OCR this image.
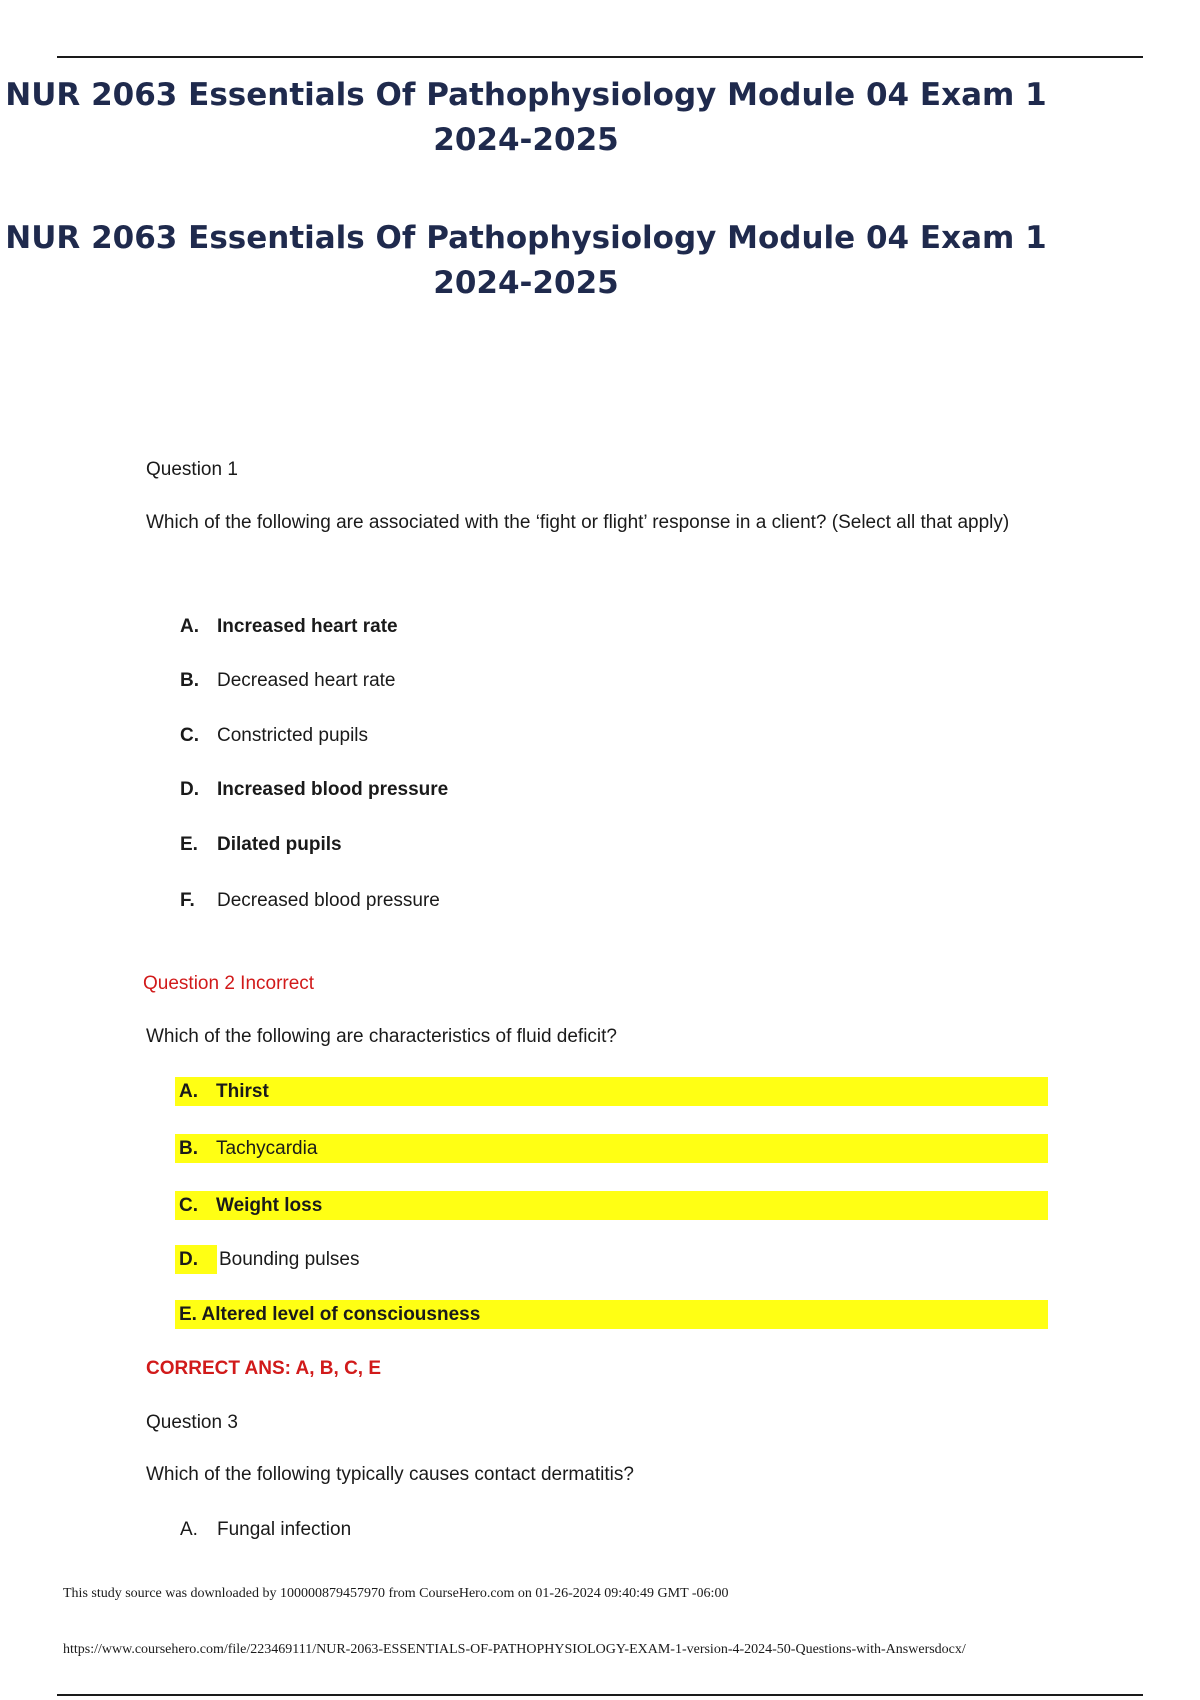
NUR 2063 Essentials Of Pathophysiology Module 04 Exam 1 2024-2025
NUR 2063 Essentials Of Pathophysiology Module 04 Exam 1 2024-2025
Question 1
Which of the following are associated with the ‘fight or flight’ response in a client? (Select all that apply)
A. Increased heart rate
B. Decreased heart rate
C. Constricted pupils
D. Increased blood pressure
E. Dilated pupils
F. Decreased blood pressure
Question 2 Incorrect
Which of the following are characteristics of fluid deficit?
A. Thirst
B. Tachycardia
C. Weight loss
D. Bounding pulses
E. Altered level of consciousness
CORRECT ANS: A, B, C, E
Question 3
Which of the following typically causes contact dermatitis?
A. Fungal infection
This study source was downloaded by 100000879457970 from CourseHero.com on 01-26-2024 09:40:49 GMT -06:00
https://www.coursehero.com/file/223469111/NUR-2063-ESSENTIALS-OF-PATHOPHYSIOLOGY-EXAM-1-version-4-2024-50-Questions-with-Answersdocx/
